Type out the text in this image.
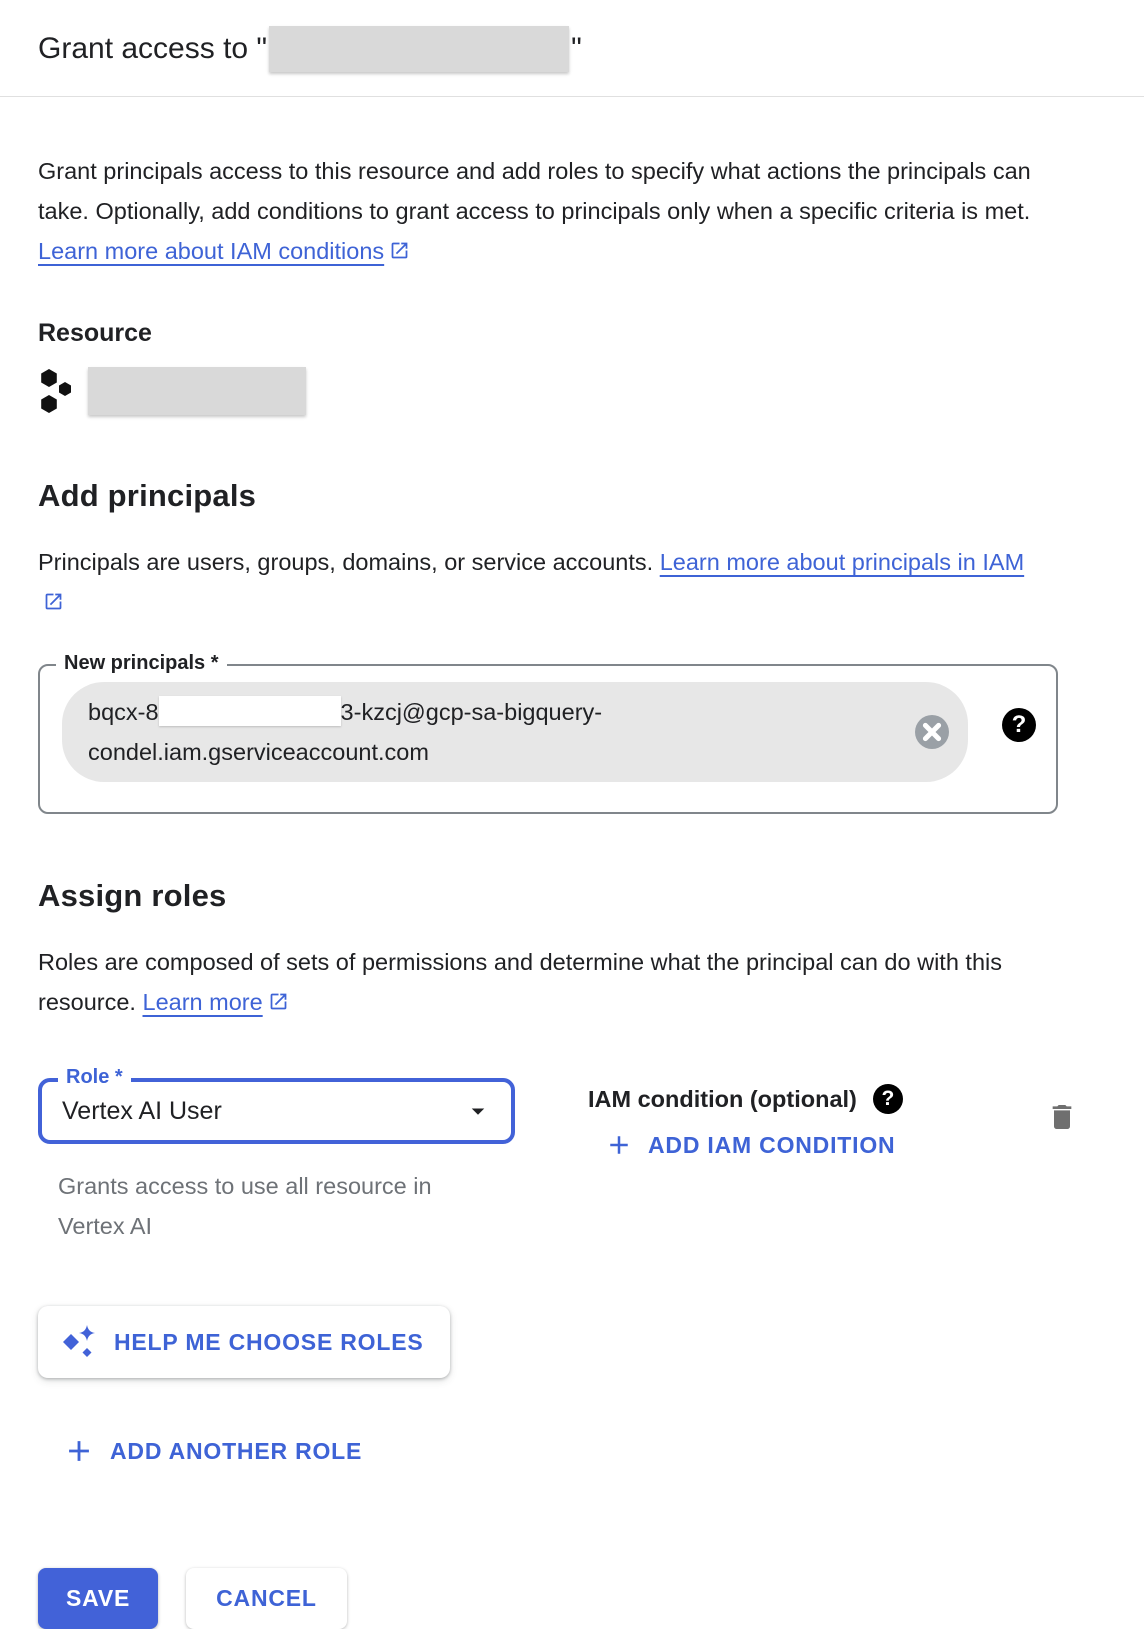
Grant access to "	"

Grant principals access to this resource and add roles to specify what actions the principals can take. Optionally, add conditions to grant access to principals only when a specific criteria is met. Learn more about IAM conditions

Resource
Add principals

Principals are users, groups, domains, or service accounts. Learn more about principals in IAM

New principals *
bqcx-8	3-kzcj@gcp-sa-bigquery-
condel.iam.gserviceaccount.com
?
Assign roles

Roles are composed of sets of permissions and determine what the principal can do with this resource. Learn more

Role *
Vertex AI User
Grants access to use all resource in Vertex AI
IAM condition (optional)	?
ADD IAM CONDITION
HELP ME CHOOSE ROLES
ADD ANOTHER ROLE
SAVE	CANCEL
